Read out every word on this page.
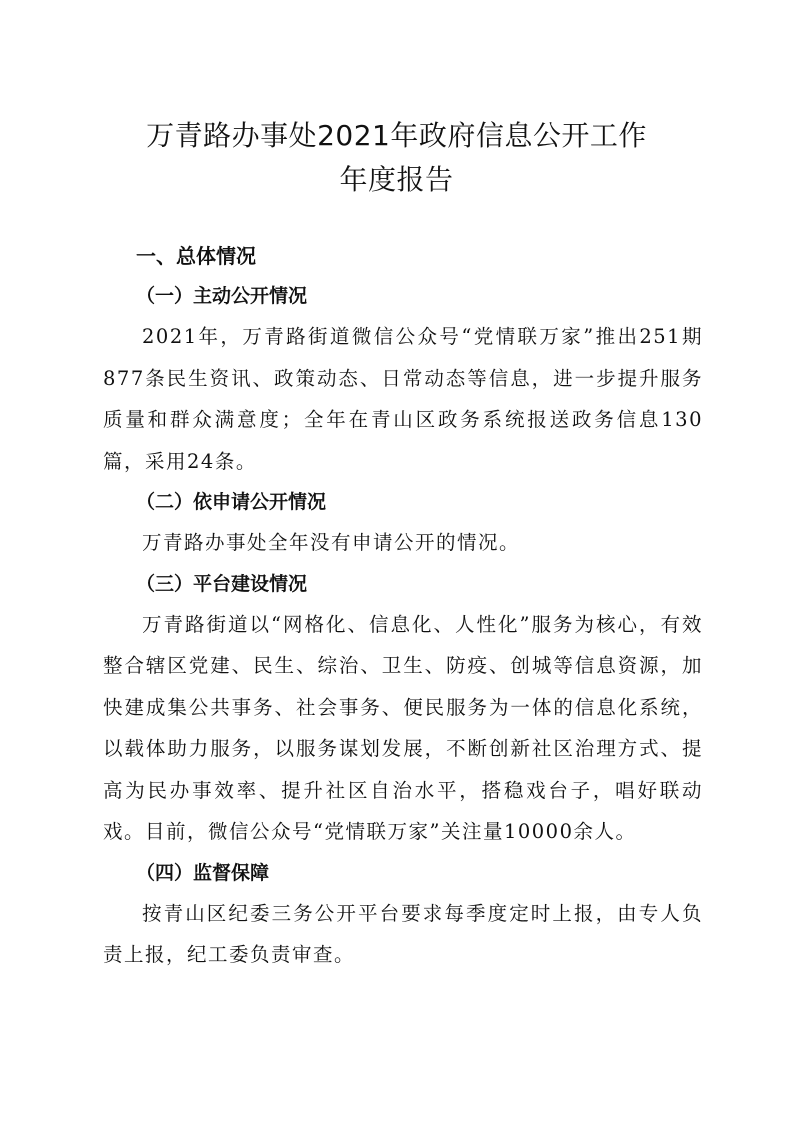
万青路办事处2021年政府信息公开工作

年度报告

一、总体情况

（一）主动公开情况

2021年，万青路街道微信公众号“党情联万家”推出251期877条民生资讯、政策动态、日常动态等信息，进一步提升服务质量和群众满意度；全年在青山区政务系统报送政务信息130篇，采用24条。

（二）依申请公开情况

万青路办事处全年没有申请公开的情况。

（三）平台建设情况

万青路街道以“网格化、信息化、人性化”服务为核心，有效整合辖区党建、民生、综治、卫生、防疫、创城等信息资源，加快建成集公共事务、社会事务、便民服务为一体的信息化系统，以载体助力服务，以服务谋划发展，不断创新社区治理方式、提高为民办事效率、提升社区自治水平，搭稳戏台子，唱好联动戏。目前，微信公众号“党情联万家”关注量10000余人。

（四）监督保障

按青山区纪委三务公开平台要求每季度定时上报，由专人负责上报，纪工委负责审查。
